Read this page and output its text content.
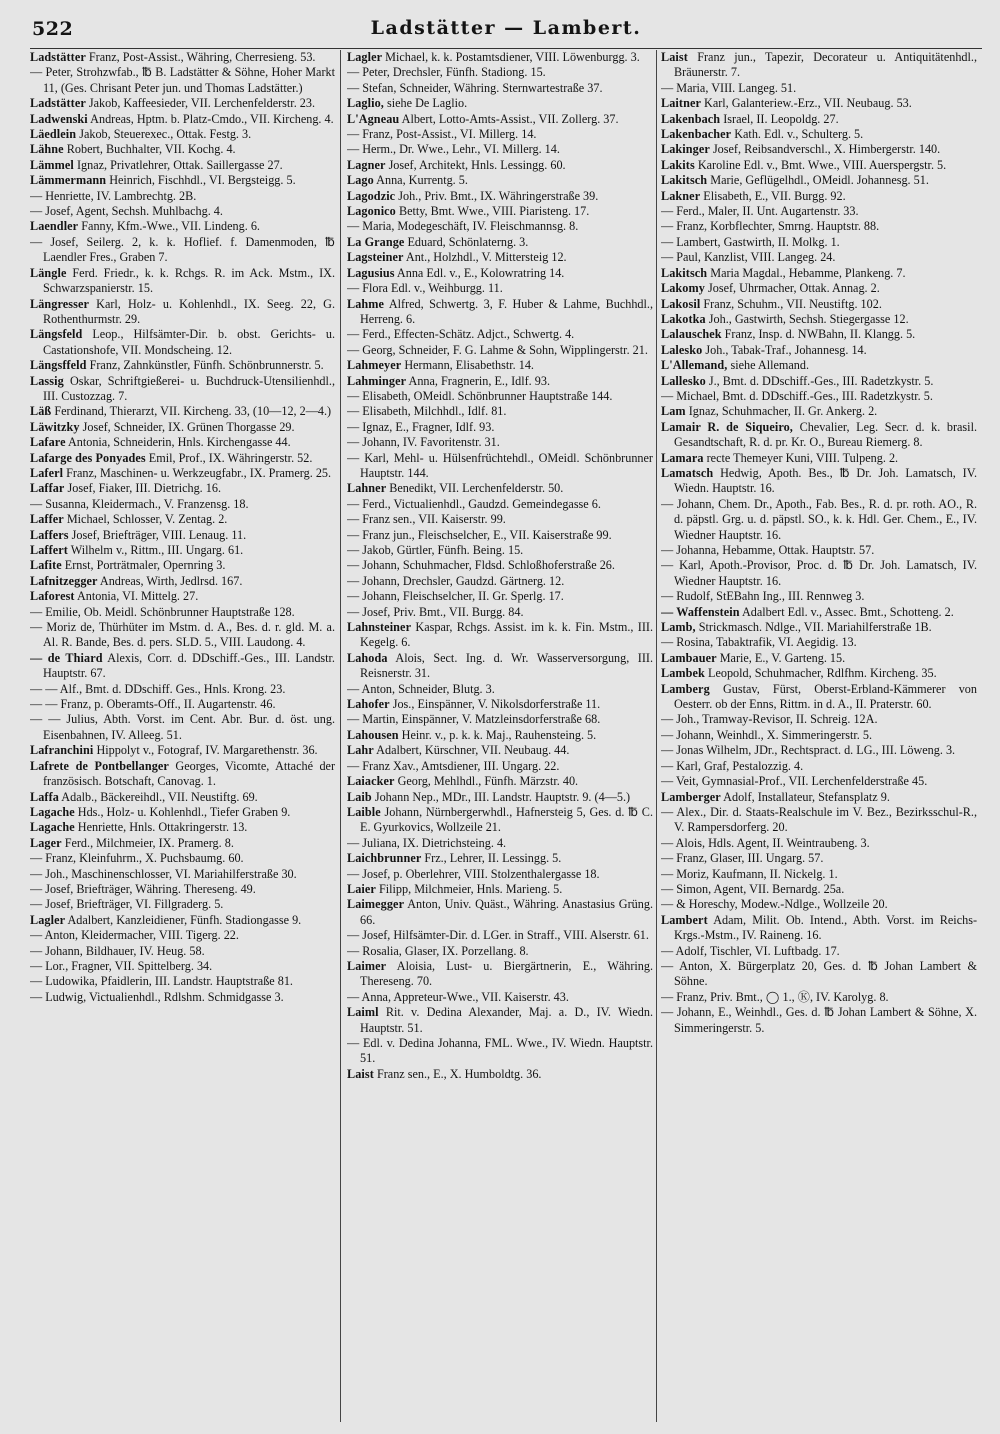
522	Ladstätter — Lambert.

Ladstätter Franz, Post-Assist., Währing, Cherresieng. 53.

— Peter, Strohzwfab., ℔ B. Ladstätter & Söhne, Hoher Markt 11, (Ges. Chrisant Peter jun. und Thomas Ladstätter.)

Ladstätter Jakob, Kaffeesieder, VII. Lerchenfelderstr. 23.

Ladwenski Andreas, Hptm. b. Platz-Cmdo., VII. Kircheng. 4.

Läedlein Jakob, Steuerexec., Ottak. Festg. 3.

Lähne Robert, Buchhalter, VII. Kochg. 4.

Lämmel Ignaz, Privatlehrer, Ottak. Saillergasse 27.

Lämmermann Heinrich, Fischhdl., VI. Bergsteigg. 5.

— Henriette, IV. Lambrechtg. 2B.

— Josef, Agent, Sechsh. Muhlbachg. 4.

Laendler Fanny, Kfm.-Wwe., VII. Lindeng. 6.

— Josef, Seilerg. 2, k. k. Hoflief. f. Damenmoden, ℔ Laendler Fres., Graben 7.

Längle Ferd. Friedr., k. k. Rchgs. R. im Ack. Mstm., IX. Schwarzspanierstr. 15.

Längresser Karl, Holz- u. Kohlenhdl., IX. Seeg. 22, G. Rothenthurmstr. 29.

Längsfeld Leop., Hilfsämter-Dir. b. obst. Gerichts- u. Castationshofe, VII. Mondscheing. 12.

Längsffeld Franz, Zahnkünstler, Fünfh. Schönbrunnerstr. 5.

Lassig Oskar, Schriftgießerei- u. Buchdruck-Utensilienhdl., III. Custozzag. 7.

Läß Ferdinand, Thierarzt, VII. Kircheng. 33, (10—12, 2—4.)

Läwitzky Josef, Schneider, IX. Grünen Thorgasse 29.

Lafare Antonia, Schneiderin, Hnls. Kirchengasse 44.

Lafarge des Ponyades Emil, Prof., IX. Währingerstr. 52.

Laferl Franz, Maschinen- u. Werkzeugfabr., IX. Pramerg. 25.

Laffar Josef, Fiaker, III. Dietrichg. 16.

— Susanna, Kleidermach., V. Franzensg. 18.

Laffer Michael, Schlosser, V. Zentag. 2.

Laffers Josef, Briefträger, VIII. Lenaug. 11.

Laffert Wilhelm v., Rittm., III. Ungarg. 61.

Lafite Ernst, Porträtmaler, Opernring 3.

Lafnitzegger Andreas, Wirth, Jedlrsd. 167.

Laforest Antonia, VI. Mittelg. 27.

— Emilie, Ob. Meidl. Schönbrunner Hauptstraße 128.

— Moriz de, Thürhüter im Mstm. d. A., Bes. d. r. gld. M. a. Al. R. Bande, Bes. d. pers. SLD. 5., VIII. Laudong. 4.

— de Thiard Alexis, Corr. d. DDschiff.-Ges., III. Landstr. Hauptstr. 67.

— — Alf., Bmt. d. DDschiff. Ges., Hnls. Krong. 23.

— — Franz, p. Oberamts-Off., II. Augartenstr. 46.

— — Julius, Abth. Vorst. im Cent. Abr. Bur. d. öst. ung. Eisenbahnen, IV. Alleeg. 51.

Lafranchini Hippolyt v., Fotograf, IV. Margarethenstr. 36.

Lafrete de Pontbellanger Georges, Vicomte, Attaché der französisch. Botschaft, Canovag. 1.

Laffa Adalb., Bäckereihdl., VII. Neustiftg. 69.

Lagache Hds., Holz- u. Kohlenhdl., Tiefer Graben 9.

Lagache Henriette, Hnls. Ottakringerstr. 13.

Lager Ferd., Milchmeier, IX. Pramerg. 8.

— Franz, Kleinfuhrm., X. Puchsbaumg. 60.

— Joh., Maschinenschlosser, VI. Mariahilferstraße 30.

— Josef, Briefträger, Währing. Thereseng. 49.

— Josef, Briefträger, VI. Fillgraderg. 5.

Lagler Adalbert, Kanzleidiener, Fünfh. Stadiongasse 9.

— Anton, Kleidermacher, VIII. Tigerg. 22.

— Johann, Bildhauer, IV. Heug. 58.

— Lor., Fragner, VII. Spittelberg. 34.

— Ludowika, Pfaidlerin, III. Landstr. Hauptstraße 81.

— Ludwig, Victualienhdl., Rdlshm. Schmidgasse 3.

Lagler Michael, k. k. Postamtsdiener, VIII. Löwenburgg. 3.

— Peter, Drechsler, Fünfh. Stadiong. 15.

— Stefan, Schneider, Währing. Sternwartestraße 37.

Laglio, siehe De Laglio.

L'Agneau Albert, Lotto-Amts-Assist., VII. Zollerg. 37.

— Franz, Post-Assist., VI. Millerg. 14.

— Herm., Dr. Wwe., Lehr., VI. Millerg. 14.

Lagner Josef, Architekt, Hnls. Lessingg. 60.

Lago Anna, Kurrentg. 5.

Lagodzic Joh., Priv. Bmt., IX. Währingerstraße 39.

Lagonico Betty, Bmt. Wwe., VIII. Piaristeng. 17.

— Maria, Modegeschäft, IV. Fleischmannsg. 8.

La Grange Eduard, Schönlaterng. 3.

Lagsteiner Ant., Holzhdl., V. Mittersteig 12.

Lagusius Anna Edl. v., E., Kolowratring 14.

— Flora Edl. v., Weihburgg. 11.

Lahme Alfred, Schwertg. 3, F. Huber & Lahme, Buchhdl., Herreng. 6.

— Ferd., Effecten-Schätz. Adjct., Schwertg. 4.

— Georg, Schneider, F. G. Lahme & Sohn, Wipplingerstr. 21.

Lahmeyer Hermann, Elisabethstr. 14.

Lahminger Anna, Fragnerin, E., Idlf. 93.

— Elisabeth, OMeidl. Schönbrunner Hauptstraße 144.

— Elisabeth, Milchhdl., Idlf. 81.

— Ignaz, E., Fragner, Idlf. 93.

— Johann, IV. Favoritenstr. 31.

— Karl, Mehl- u. Hülsenfrüchtehdl., OMeidl. Schönbrunner Hauptstr. 144.

Lahner Benedikt, VII. Lerchenfelderstr. 50.

— Ferd., Victualienhdl., Gaudzd. Gemeindegasse 6.

— Franz sen., VII. Kaiserstr. 99.

— Franz jun., Fleischselcher, E., VII. Kaiserstraße 99.

— Jakob, Gürtler, Fünfh. Being. 15.

— Johann, Schuhmacher, Fldsd. Schloßhoferstraße 26.

— Johann, Drechsler, Gaudzd. Gärtnerg. 12.

— Johann, Fleischselcher, II. Gr. Sperlg. 17.

— Josef, Priv. Bmt., VII. Burgg. 84.

Lahnsteiner Kaspar, Rchgs. Assist. im k. k. Fin. Mstm., III. Kegelg. 6.

Lahoda Alois, Sect. Ing. d. Wr. Wasserversorgung, III. Reisnerstr. 31.

— Anton, Schneider, Blutg. 3.

Lahofer Jos., Einspänner, V. Nikolsdorferstraße 11.

— Martin, Einspänner, V. Matzleinsdorferstraße 68.

Lahousen Heinr. v., p. k. k. Maj., Rauhensteing. 5.

Lahr Adalbert, Kürschner, VII. Neubaug. 44.

— Franz Xav., Amtsdiener, III. Ungarg. 22.

Laiacker Georg, Mehlhdl., Fünfh. Märzstr. 40.

Laib Johann Nep., MDr., III. Landstr. Hauptstr. 9. (4—5.)

Laible Johann, Nürnbergerwhdl., Hafnersteig 5, Ges. d. ℔ C. E. Gyurkovics, Wollzeile 21.

— Juliana, IX. Dietrichsteing. 4.

Laichbrunner Frz., Lehrer, II. Lessingg. 5.

— Josef, p. Oberlehrer, VIII. Stolzenthalergasse 18.

Laier Filipp, Milchmeier, Hnls. Marieng. 5.

Laimegger Anton, Univ. Quäst., Währing. Anastasius Grüng. 66.

— Josef, Hilfsämter-Dir. d. LGer. in Straff., VIII. Alserstr. 61.

— Rosalia, Glaser, IX. Porzellang. 8.

Laimer Aloisia, Lust- u. Biergärtnerin, E., Währing. Thereseng. 70.

— Anna, Appreteur-Wwe., VII. Kaiserstr. 43.

Laiml Rit. v. Dedina Alexander, Maj. a. D., IV. Wiedn. Hauptstr. 51.

— Edl. v. Dedina Johanna, FML. Wwe., IV. Wiedn. Hauptstr. 51.

Laist Franz sen., E., X. Humboldtg. 36.

Laist Franz jun., Tapezir, Decorateur u. Antiquitätenhdl., Bräunerstr. 7.

— Maria, VIII. Langeg. 51.

Laitner Karl, Galanteriew.-Erz., VII. Neubaug. 53.

Lakenbach Israel, II. Leopoldg. 27.

Lakenbacher Kath. Edl. v., Schulterg. 5.

Lakinger Josef, Reibsandverschl., X. Himbergerstr. 140.

Lakits Karoline Edl. v., Bmt. Wwe., VIII. Auerspergstr. 5.

Lakitsch Marie, Geflügelhdl., OMeidl. Johannesg. 51.

Lakner Elisabeth, E., VII. Burgg. 92.

— Ferd., Maler, II. Unt. Augartenstr. 33.

— Franz, Korbflechter, Smrng. Hauptstr. 88.

— Lambert, Gastwirth, II. Molkg. 1.

— Paul, Kanzlist, VIII. Langeg. 24.

Lakitsch Maria Magdal., Hebamme, Plankeng. 7.

Lakomy Josef, Uhrmacher, Ottak. Annag. 2.

Lakosil Franz, Schuhm., VII. Neustiftg. 102.

Lakotka Joh., Gastwirth, Sechsh. Stiegergasse 12.

Lalauschek Franz, Insp. d. NWBahn, II. Klangg. 5.

Lalesko Joh., Tabak-Traf., Johannesg. 14.

L'Allemand, siehe Allemand.

Lallesko J., Bmt. d. DDschiff.-Ges., III. Radetzkystr. 5.

— Michael, Bmt. d. DDschiff.-Ges., III. Radetzkystr. 5.

Lam Ignaz, Schuhmacher, II. Gr. Ankerg. 2.

Lamair R. de Siqueiro, Chevalier, Leg. Secr. d. k. brasil. Gesandtschaft, R. d. pr. Kr. O., Bureau Riemerg. 8.

Lamara recte Themeyer Kuni, VIII. Tulpeng. 2.

Lamatsch Hedwig, Apoth. Bes., ℔ Dr. Joh. Lamatsch, IV. Wiedn. Hauptstr. 16.

— Johann, Chem. Dr., Apoth., Fab. Bes., R. d. pr. roth. AO., R. d. päpstl. Grg. u. d. päpstl. SO., k. k. Hdl. Ger. Chem., E., IV. Wiedner Hauptstr. 16.

— Johanna, Hebamme, Ottak. Hauptstr. 57.

— Karl, Apoth.-Provisor, Proc. d. ℔ Dr. Joh. Lamatsch, IV. Wiedner Hauptstr. 16.

— Rudolf, StEBahn Ing., III. Rennweg 3.

— Waffenstein Adalbert Edl. v., Assec. Bmt., Schotteng. 2.

Lamb, Strickmasch. Ndlge., VII. Mariahilferstraße 1B.

— Rosina, Tabaktrafik, VI. Aegidig. 13.

Lambauer Marie, E., V. Garteng. 15.

Lambek Leopold, Schuhmacher, Rdlfhm. Kircheng. 35.

Lamberg Gustav, Fürst, Oberst-Erbland-Kämmerer von Oesterr. ob der Enns, Rittm. in d. A., II. Praterstr. 60.

— Joh., Tramway-Revisor, II. Schreig. 12A.

— Johann, Weinhdl., X. Simmeringerstr. 5.

— Jonas Wilhelm, JDr., Rechtspract. d. LG., III. Löweng. 3.

— Karl, Graf, Pestalozzig. 4.

— Veit, Gymnasial-Prof., VII. Lerchenfelderstraße 45.

Lamberger Adolf, Installateur, Stefansplatz 9.

— Alex., Dir. d. Staats-Realschule im V. Bez., Bezirksschul-R., V. Rampersdorferg. 20.

— Alois, Hdls. Agent, II. Weintraubeng. 3.

— Franz, Glaser, III. Ungarg. 57.

— Moriz, Kaufmann, II. Nickelg. 1.

— Simon, Agent, VII. Bernardg. 25a.

— & Horeschy, Modew.-Ndlge., Wollzeile 20.

Lambert Adam, Milit. Ob. Intend., Abth. Vorst. im Reichs-Krgs.-Mstm., IV. Raineng. 16.

— Adolf, Tischler, VI. Luftbadg. 17.

— Anton, X. Bürgerplatz 20, Ges. d. ℔ Johan Lambert & Söhne.

— Franz, Priv. Bmt., ◯ 1., Ⓚ, IV. Karolyg. 8.

— Johann, E., Weinhdl., Ges. d. ℔ Johan Lambert & Söhne, X. Simmeringerstr. 5.
